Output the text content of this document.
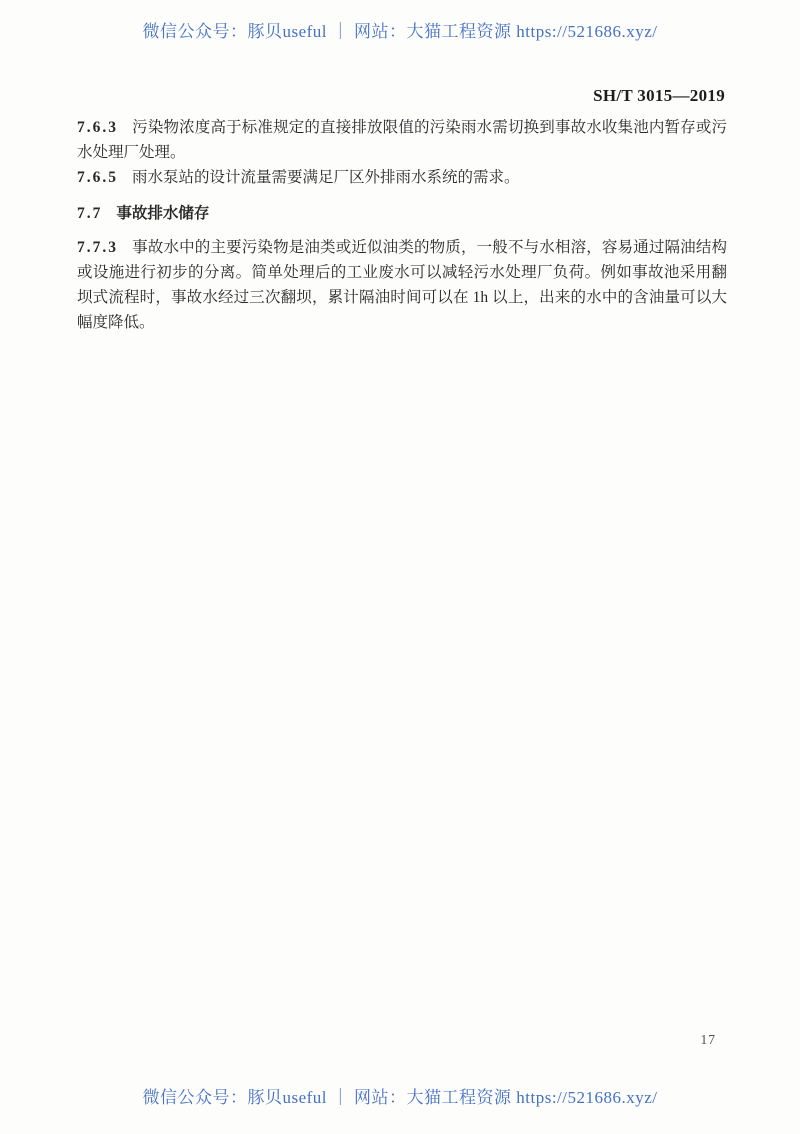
微信公众号：豚贝useful ｜ 网站：大猫工程资源 https://521686.xyz/
SH/T 3015—2019

7.6.3 污染物浓度高于标准规定的直接排放限值的污染雨水需切换到事故水收集池内暂存或污水处理厂处理。

7.6.5 雨水泵站的设计流量需要满足厂区外排雨水系统的需求。

7.7 事故排水储存

7.7.3 事故水中的主要污染物是油类或近似油类的物质，一般不与水相溶，容易通过隔油结构或设施进行初步的分离。简单处理后的工业废水可以减轻污水处理厂负荷。例如事故池采用翻坝式流程时，事故水经过三次翻坝，累计隔油时间可以在 1h 以上，出来的水中的含油量可以大幅度降低。

17
微信公众号：豚贝useful ｜ 网站：大猫工程资源 https://521686.xyz/
